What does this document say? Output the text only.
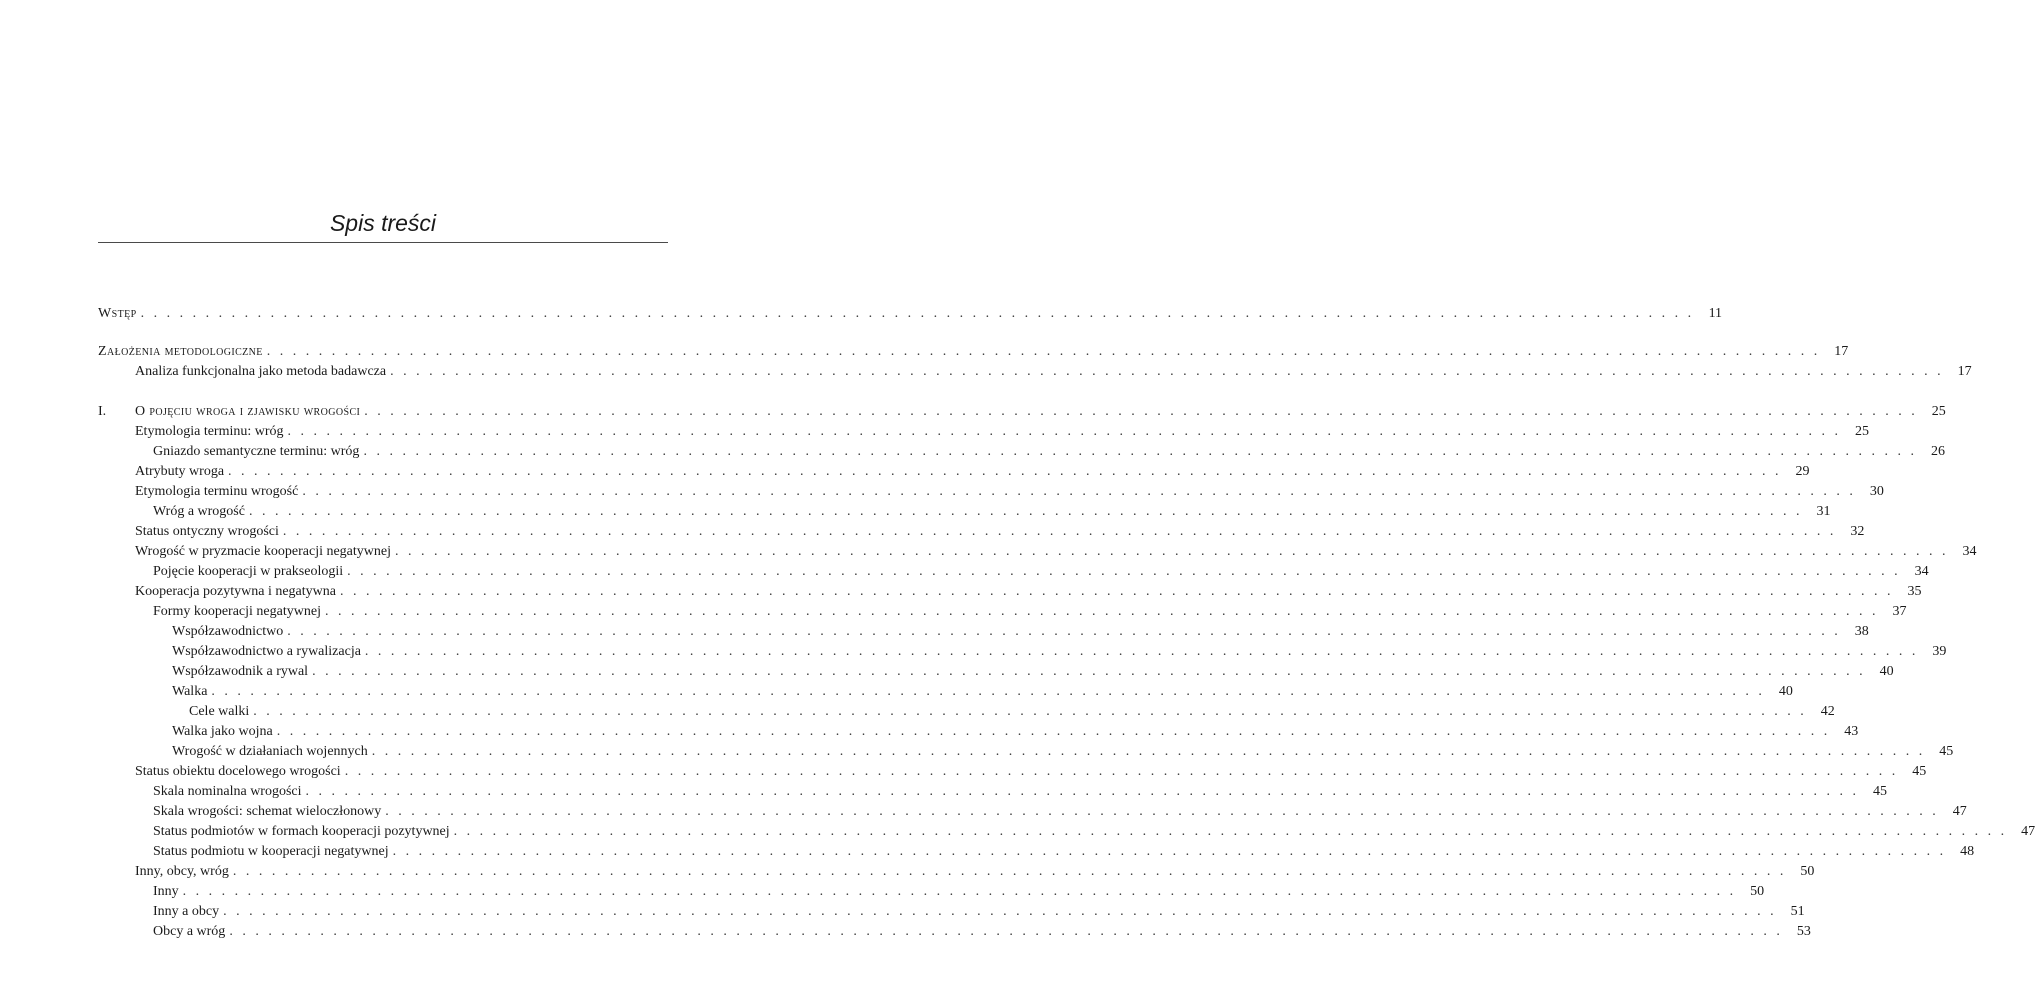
Spis treści
Wstęp . . . . . . . . . . . . . . . . . . . . . . . . . . . . . . . . . . . . . . . . . . . . . . . . . . . . . . . . . . . . . . . . . . . . . . . . . . . . . . . . . . . . . . . . . . . . . . . . . . . . . . . . . . . . . . . . . . . . . . . .	11
Założenia metodologiczne . . . . . . . . . . . . . . . . . . . . . . . . . . . . . . . . . . . . . . . . . . . . . . . . . . . . . . . . . . . . . . . . . . . . . . . . . . . . . . . . . . . . . . . . . . . . . . . . . . . . . . . . . . . . . . . . . . . . . . . .	17
Analiza funkcjonalna jako metoda badawcza . . . . . . . . . . . . . . . . . . . . . . . . . . . . . . . . . . . . . . . . . . . . . . . . . . . . . . . . . . . . . . . . . . . . . . . . . . . . . . . . . . . . . . . . . . . . . . . . . . . . . . . . . . . . . . . . . . . . . . . .	17
I. O pojęciu wroga i zjawisku wrogości . . . . . . . . . . . . . . . . . . . . . . . . . . . . . . . . . . . . . . . . . . . . . . . . . . . . . . . . . . . . . . . . . . . . . . . . . . . . . . . . . . . . . . . . . . . . . . . . . . . . . . . . . . . . . . . . . . . . . . . .	25
Etymologia terminu: wróg . . . . . . . . . . . . . . . . . . . . . . . . . . . . . . . . . . . . . . . . . . . . . . . . . . . . . . . . . . . . . . . . . . . . . . . . . . . . . . . . . . . . . . . . . . . . . . . . . . . . . . . . . . . . . . . . . . . . . . . .	25
Gniazdo semantyczne terminu: wróg . . . . . . . . . . . . . . . . . . . . . . . . . . . . . . . . . . . . . . . . . . . . . . . . . . . . . . . . . . . . . . . . . . . . . . . . . . . . . . . . . . . . . . . . . . . . . . . . . . . . . . . . . . . . . . . . . . . . . . . .	26
Atrybuty wroga . . . . . . . . . . . . . . . . . . . . . . . . . . . . . . . . . . . . . . . . . . . . . . . . . . . . . . . . . . . . . . . . . . . . . . . . . . . . . . . . . . . . . . . . . . . . . . . . . . . . . . . . . . . . . . . . . . . . . . . .	29
Etymologia terminu wrogość . . . . . . . . . . . . . . . . . . . . . . . . . . . . . . . . . . . . . . . . . . . . . . . . . . . . . . . . . . . . . . . . . . . . . . . . . . . . . . . . . . . . . . . . . . . . . . . . . . . . . . . . . . . . . . . . . . . . . . . .	30
Wróg a wrogość . . . . . . . . . . . . . . . . . . . . . . . . . . . . . . . . . . . . . . . . . . . . . . . . . . . . . . . . . . . . . . . . . . . . . . . . . . . . . . . . . . . . . . . . . . . . . . . . . . . . . . . . . . . . . . . . . . . . . . . .	31
Status ontyczny wrogości . . . . . . . . . . . . . . . . . . . . . . . . . . . . . . . . . . . . . . . . . . . . . . . . . . . . . . . . . . . . . . . . . . . . . . . . . . . . . . . . . . . . . . . . . . . . . . . . . . . . . . . . . . . . . . . . . . . . . . . .	32
Wrogość w pryzmacie kooperacji negatywnej . . . . . . . . . . . . . . . . . . . . . . . . . . . . . . . . . . . . . . . . . . . . . . . . . . . . . . . . . . . . . . . . . . . . . . . . . . . . . . . . . . . . . . . . . . . . . . . . . . . . . . . . . . . . . . . . . . . . . . . .	34
Pojęcie kooperacji w prakseologii . . . . . . . . . . . . . . . . . . . . . . . . . . . . . . . . . . . . . . . . . . . . . . . . . . . . . . . . . . . . . . . . . . . . . . . . . . . . . . . . . . . . . . . . . . . . . . . . . . . . . . . . . . . . . . . . . . . . . . . .	34
Kooperacja pozytywna i negatywna . . . . . . . . . . . . . . . . . . . . . . . . . . . . . . . . . . . . . . . . . . . . . . . . . . . . . . . . . . . . . . . . . . . . . . . . . . . . . . . . . . . . . . . . . . . . . . . . . . . . . . . . . . . . . . . . . . . . . . . .	35
Formy kooperacji negatywnej . . . . . . . . . . . . . . . . . . . . . . . . . . . . . . . . . . . . . . . . . . . . . . . . . . . . . . . . . . . . . . . . . . . . . . . . . . . . . . . . . . . . . . . . . . . . . . . . . . . . . . . . . . . . . . . . . . . . . . . .	37
Współzawodnictwo . . . . . . . . . . . . . . . . . . . . . . . . . . . . . . . . . . . . . . . . . . . . . . . . . . . . . . . . . . . . . . . . . . . . . . . . . . . . . . . . . . . . . . . . . . . . . . . . . . . . . . . . . . . . . . . . . . . . . . . .	38
Współzawodnictwo a rywalizacja . . . . . . . . . . . . . . . . . . . . . . . . . . . . . . . . . . . . . . . . . . . . . . . . . . . . . . . . . . . . . . . . . . . . . . . . . . . . . . . . . . . . . . . . . . . . . . . . . . . . . . . . . . . . . . . . . . . . . . . .	39
Współzawodnik a rywal . . . . . . . . . . . . . . . . . . . . . . . . . . . . . . . . . . . . . . . . . . . . . . . . . . . . . . . . . . . . . . . . . . . . . . . . . . . . . . . . . . . . . . . . . . . . . . . . . . . . . . . . . . . . . . . . . . . . . . . .	40
Walka . . . . . . . . . . . . . . . . . . . . . . . . . . . . . . . . . . . . . . . . . . . . . . . . . . . . . . . . . . . . . . . . . . . . . . . . . . . . . . . . . . . . . . . . . . . . . . . . . . . . . . . . . . . . . . . . . . . . . . . .	40
Cele walki . . . . . . . . . . . . . . . . . . . . . . . . . . . . . . . . . . . . . . . . . . . . . . . . . . . . . . . . . . . . . . . . . . . . . . . . . . . . . . . . . . . . . . . . . . . . . . . . . . . . . . . . . . . . . . . . . . . . . . . .	42
Walka jako wojna . . . . . . . . . . . . . . . . . . . . . . . . . . . . . . . . . . . . . . . . . . . . . . . . . . . . . . . . . . . . . . . . . . . . . . . . . . . . . . . . . . . . . . . . . . . . . . . . . . . . . . . . . . . . . . . . . . . . . . . .	43
Wrogość w działaniach wojennych . . . . . . . . . . . . . . . . . . . . . . . . . . . . . . . . . . . . . . . . . . . . . . . . . . . . . . . . . . . . . . . . . . . . . . . . . . . . . . . . . . . . . . . . . . . . . . . . . . . . . . . . . . . . . . . . . . . . . . . .	45
Status obiektu docelowego wrogości . . . . . . . . . . . . . . . . . . . . . . . . . . . . . . . . . . . . . . . . . . . . . . . . . . . . . . . . . . . . . . . . . . . . . . . . . . . . . . . . . . . . . . . . . . . . . . . . . . . . . . . . . . . . . . . . . . . . . . . .	45
Skala nominalna wrogości . . . . . . . . . . . . . . . . . . . . . . . . . . . . . . . . . . . . . . . . . . . . . . . . . . . . . . . . . . . . . . . . . . . . . . . . . . . . . . . . . . . . . . . . . . . . . . . . . . . . . . . . . . . . . . . . . . . . . . . .	45
Skala wrogości: schemat wieloczłonowy . . . . . . . . . . . . . . . . . . . . . . . . . . . . . . . . . . . . . . . . . . . . . . . . . . . . . . . . . . . . . . . . . . . . . . . . . . . . . . . . . . . . . . . . . . . . . . . . . . . . . . . . . . . . . . . . . . . . . . . .	47
Status podmiotów w formach kooperacji pozytywnej . . . . . . . . . . . . . . . . . . . . . . . . . . . . . . . . . . . . . . . . . . . . . . . . . . . . . . . . . . . . . . . . . . . . . . . . . . . . . . . . . . . . . . . . . . . . . . . . . . . . . . . . . . . . . . . . . . . . . . . .	47
Status podmiotu w kooperacji negatywnej . . . . . . . . . . . . . . . . . . . . . . . . . . . . . . . . . . . . . . . . . . . . . . . . . . . . . . . . . . . . . . . . . . . . . . . . . . . . . . . . . . . . . . . . . . . . . . . . . . . . . . . . . . . . . . . . . . . . . . . .	48
Inny, obcy, wróg . . . . . . . . . . . . . . . . . . . . . . . . . . . . . . . . . . . . . . . . . . . . . . . . . . . . . . . . . . . . . . . . . . . . . . . . . . . . . . . . . . . . . . . . . . . . . . . . . . . . . . . . . . . . . . . . . . . . . . . .	50
Inny . . . . . . . . . . . . . . . . . . . . . . . . . . . . . . . . . . . . . . . . . . . . . . . . . . . . . . . . . . . . . . . . . . . . . . . . . . . . . . . . . . . . . . . . . . . . . . . . . . . . . . . . . . . . . . . . . . . . . . . .	50
Inny a obcy . . . . . . . . . . . . . . . . . . . . . . . . . . . . . . . . . . . . . . . . . . . . . . . . . . . . . . . . . . . . . . . . . . . . . . . . . . . . . . . . . . . . . . . . . . . . . . . . . . . . . . . . . . . . . . . . . . . . . . . .	51
Obcy a wróg . . . . . . . . . . . . . . . . . . . . . . . . . . . . . . . . . . . . . . . . . . . . . . . . . . . . . . . . . . . . . . . . . . . . . . . . . . . . . . . . . . . . . . . . . . . . . . . . . . . . . . . . . . . . . . . . . . . . . . . .	53
